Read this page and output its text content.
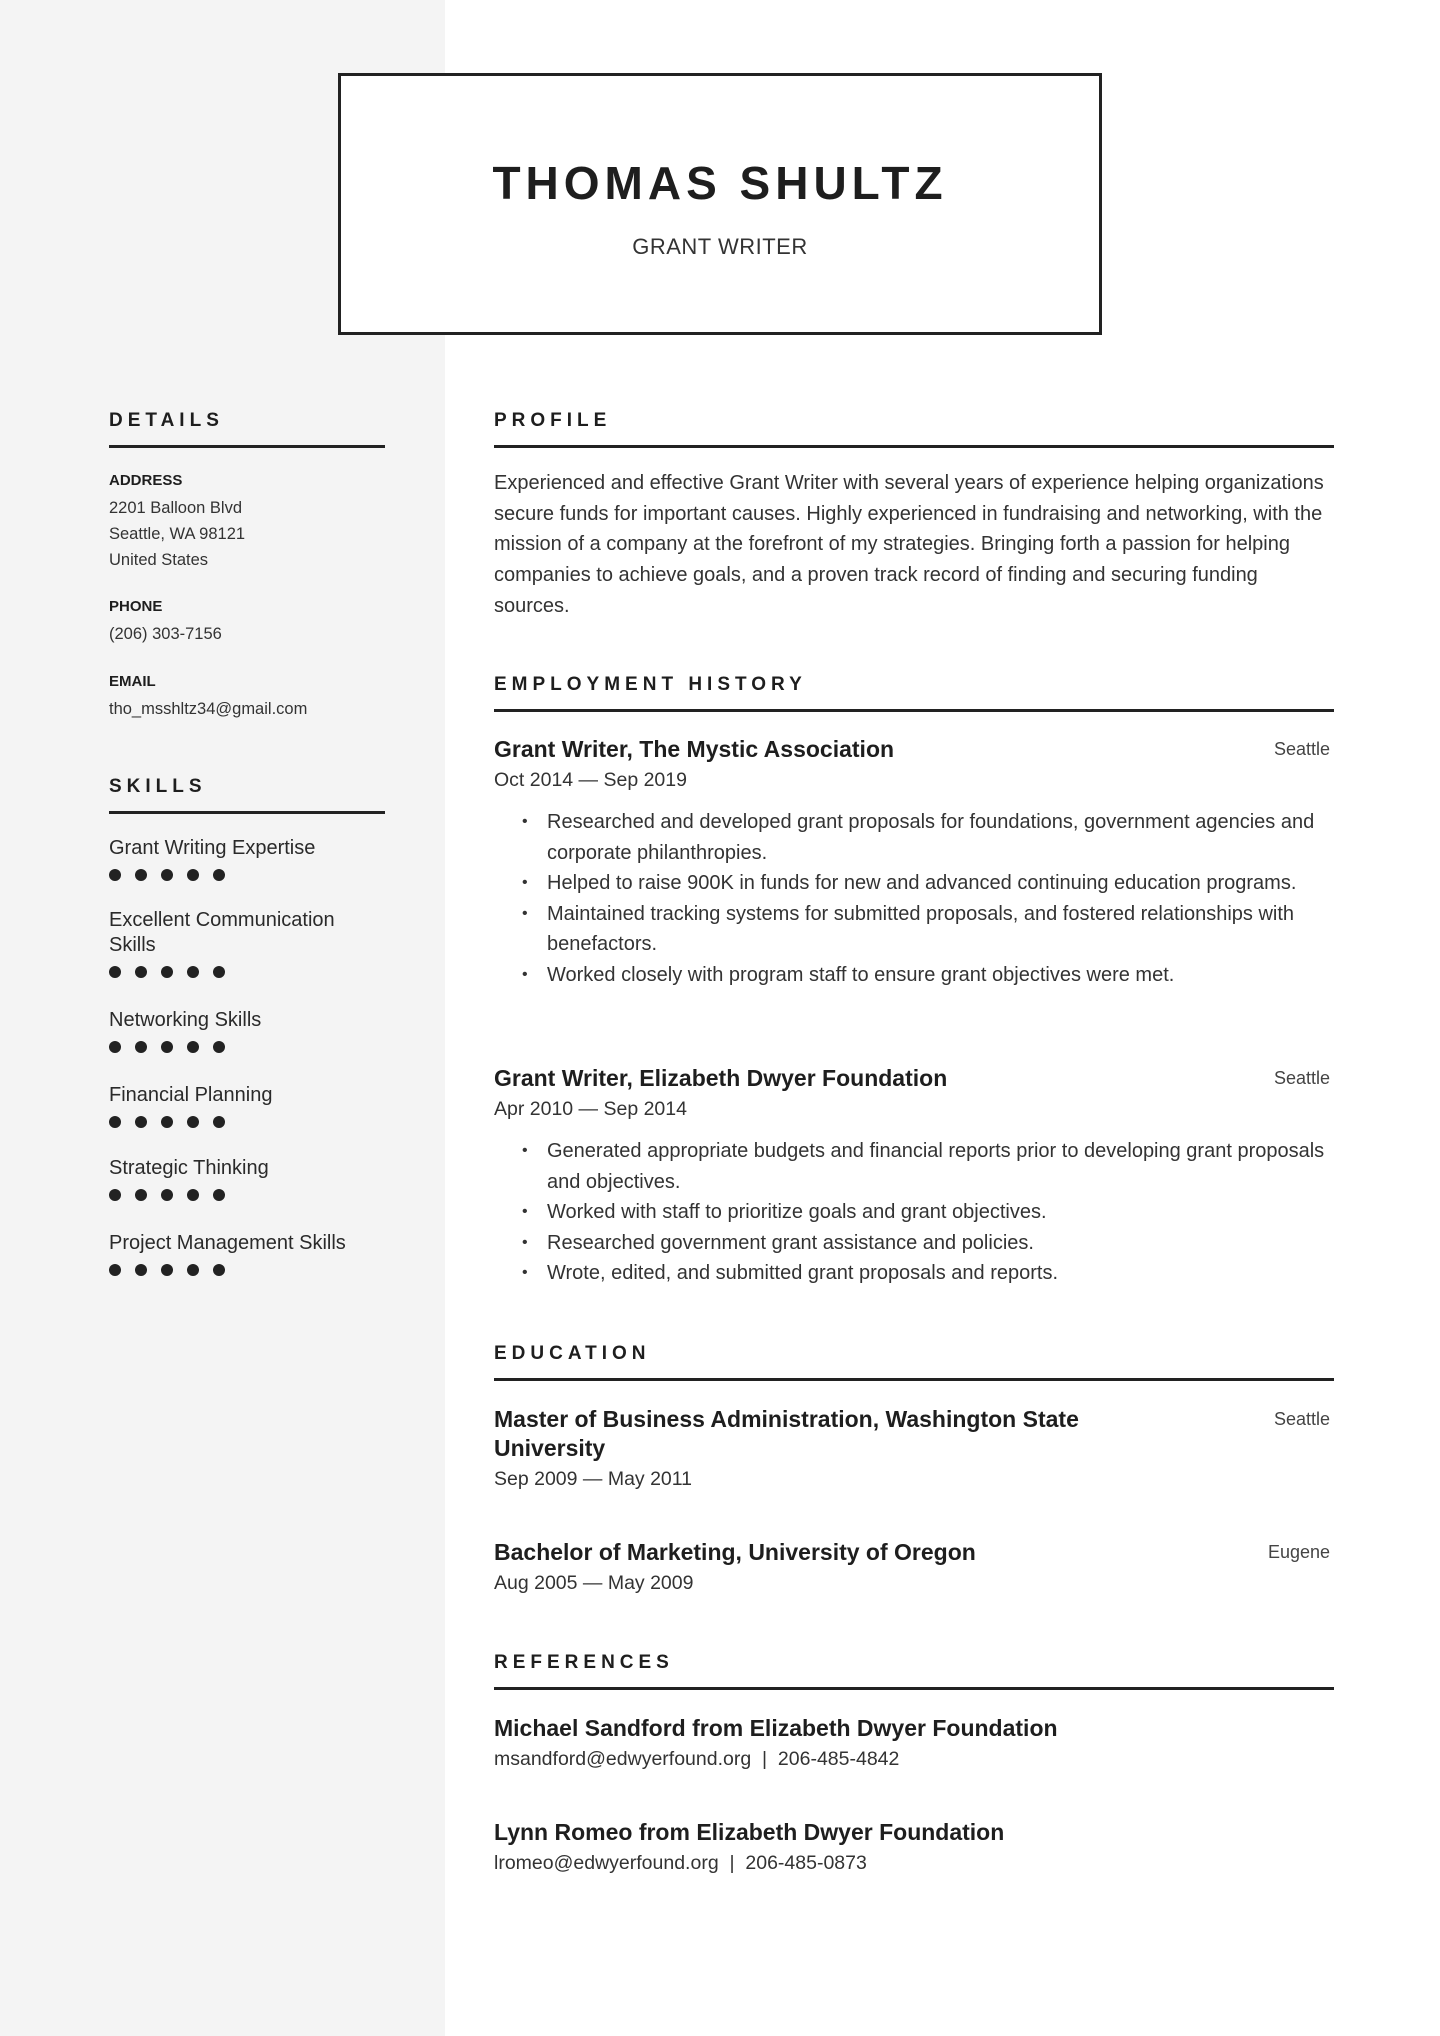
THOMAS SHULTZ
GRANT WRITER
DETAILS
ADDRESS
2201 Balloon Blvd
Seattle, WA 98121
United States
PHONE
(206) 303-7156
EMAIL
tho_msshltz34@gmail.com
SKILLS
Grant Writing Expertise
Excellent Communication Skills
Networking Skills
Financial Planning
Strategic Thinking
Project Management Skills
PROFILE
Experienced and effective Grant Writer with several years of experience helping organizations secure funds for important causes. Highly experienced in fundraising and networking, with the mission of a company at the forefront of my strategies. Bringing forth a passion for helping companies to achieve goals, and a proven track record of finding and securing funding sources.
EMPLOYMENT HISTORY
Grant Writer, The Mystic Association	Seattle
Oct 2014 — Sep 2019
• Researched and developed grant proposals for foundations, government agencies and corporate philanthropies.
• Helped to raise 900K in funds for new and advanced continuing education programs.
• Maintained tracking systems for submitted proposals, and fostered relationships with benefactors.
• Worked closely with program staff to ensure grant objectives were met.
Grant Writer, Elizabeth Dwyer Foundation	Seattle
Apr 2010 — Sep 2014
• Generated appropriate budgets and financial reports prior to developing grant proposals and objectives.
• Worked with staff to prioritize goals and grant objectives.
• Researched government grant assistance and policies.
• Wrote, edited, and submitted grant proposals and reports.
EDUCATION
Master of Business Administration, Washington State University
Seattle
Sep 2009 — May 2011
Bachelor of Marketing, University of Oregon	Eugene
Aug 2005 — May 2009
REFERENCES
Michael Sandford from Elizabeth Dwyer Foundation
msandford@edwyerfound.org  |  206-485-4842
Lynn Romeo from Elizabeth Dwyer Foundation
lromeo@edwyerfound.org  |  206-485-0873
